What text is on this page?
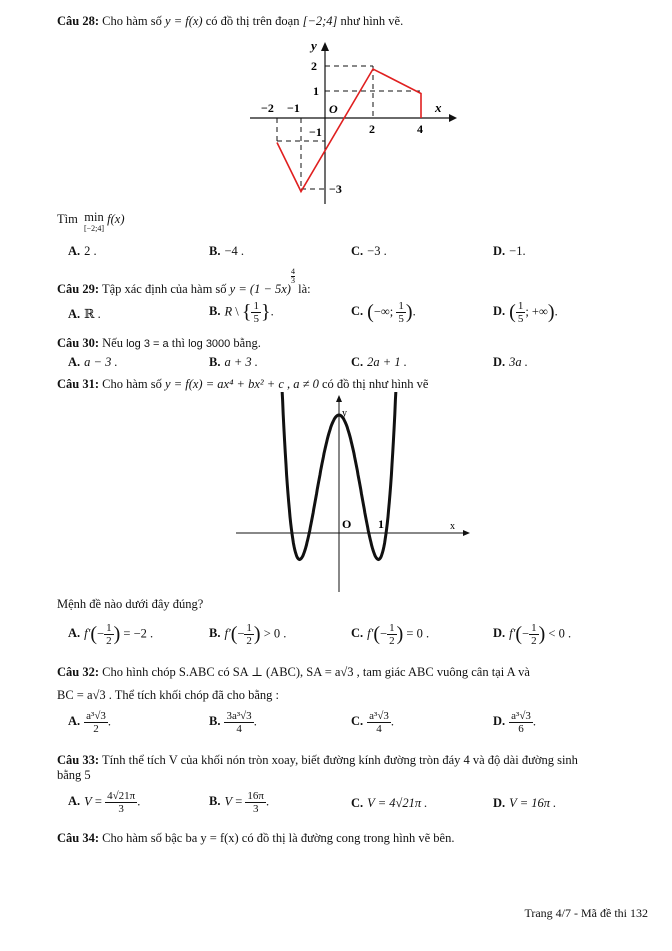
Câu 28: Cho hàm số y = f(x) có đồ thị trên đoạn [−2;4] như hình vẽ.
y
x
O
−2 −1
2	4
2
1
−1
−3
Tìm min
[−2;4]
f(x)
A. 2 .	B. −4 .	C. −3 .	D. −1.
Câu 29: Tập xác định của hàm số y = (1 − 5x)
$^{\frac{4}{3}}$
là:
A. ℝ .	B. R \ { $\frac{1}{5}$ }.	C. (−∞; $\frac{1}{5}$ ).	D. ( $\frac{1}{5}$ ; +∞).
Câu 30: Nếu log 3 = a thì log 3000 bằng.
A. a − 3 .	B. a + 3 .	C. 2a + 1 .	D. 3a .
Câu 31: Cho hàm số y = f(x) = ax⁴ + bx² + c , a ≠ 0 có đồ thị như hình vẽ
y
x
O 1
Mệnh đề nào dưới đây đúng?
A. $f'(- \frac{1}{2}$ ) = −2 .	B. $f'(- \frac{1}{2}$ ) > 0 .	C. $f'(- \frac{1}{2}$ ) = 0 .	D. $f'(- \frac{1}{2}$ ) < 0 .
Câu 32: Cho hình chóp S.ABC có SA ⊥ (ABC), SA = a√3 , tam giác ABC vuông cân tại A và
BC = a√3 . Thể tích khối chóp đã cho bằng :
A. $\frac{\text{a³√3}}{2}$ .	B. $\frac{\text{3a³√3}}{4}$ .	C. $\frac{\text{a³√3}}{4}$ .	D. $\frac{\text{a³√3}}{6}$ .
Câu 33: Tính thể tích V của khối nón tròn xoay, biết đường kính đường tròn đáy 4 và độ dài đường sinh
bằng 5
A. $V = \frac{4√21\pi}{3}$ .	B. $V = \frac{16\pi}{3}$ .	C. V = 4√21π .	D. V = 16π .
Câu 34: Cho hàm số bậc ba y = f(x) có đồ thị là đường cong trong hình vẽ bên.
Trang 4/7 - Mã đề thi 132
